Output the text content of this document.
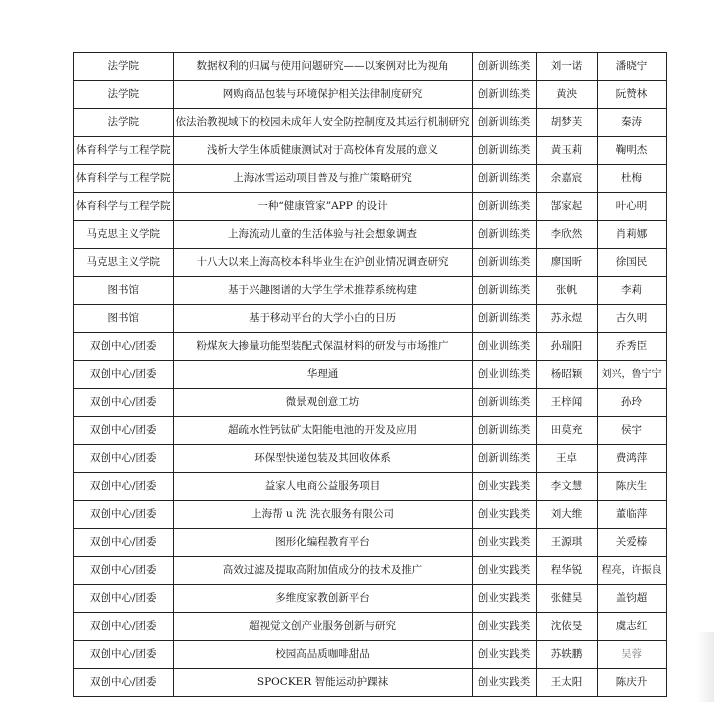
法学院	数据权利的归属与使用问题研究——以案例对比为视角	创新训练类	刘一诺	潘晓宁
法学院	网购商品包装与环境保护相关法律制度研究	创新训练类	黄泱	阮赞林
法学院	依法治教视域下的校园未成年人安全防控制度及其运行机制研究	创新训练类	胡梦芙	秦涛
体育科学与工程学院	浅析大学生体质健康测试对于高校体育发展的意义	创新训练类	黄玉莉	鞠明杰
体育科学与工程学院	上海冰雪运动项目普及与推广策略研究	创新训练类	余嘉宸	杜梅
体育科学与工程学院	一种“健康管家”APP 的设计	创新训练类	郜家起	叶心明
马克思主义学院	上海流动儿童的生活体验与社会想象调查	创新训练类	李欣然	肖莉娜
马克思主义学院	十八大以来上海高校本科毕业生在沪创业情况调查研究	创新训练类	廖国昕	徐国民
图书馆	基于兴趣图谱的大学生学术推荐系统构建	创新训练类	张帆	李莉
图书馆	基于移动平台的大学小白的日历	创新训练类	苏永煜	古久明
双创中心/团委	粉煤灰大掺量功能型装配式保温材料的研发与市场推广	创业训练类	孙瑞阳	乔秀臣
双创中心/团委	华理通	创业训练类	杨昭颖	刘兴，鲁宁宁
双创中心/团委	微景观创意工坊	创新训练类	王梓闻	孙玲
双创中心/团委	超疏水性钙钛矿太阳能电池的开发及应用	创新训练类	田莫充	侯宇
双创中心/团委	环保型快递包装及其回收体系	创新训练类	王卓	费鸿萍
双创中心/团委	益家人电商公益服务项目	创业实践类	李文慧	陈庆生
双创中心/团委	上海帮 u 洗 洗衣服务有限公司	创业实践类	刘大维	董临萍
双创中心/团委	图形化编程教育平台	创业实践类	王源琪	关爱榛
双创中心/团委	高效过滤及提取高附加值成分的技术及推广	创业实践类	程华锐	程亮，许振良
双创中心/团委	多维度家教创新平台	创业实践类	张健昊	盖钧超
双创中心/团委	超视觉文创产业服务创新与研究	创业实践类	沈依旻	虞志红
双创中心/团委	校园高品质咖啡甜品	创业实践类	苏轶鹏	吴蓉
双创中心/团委	SPOCKER 智能运动护踝袜	创业实践类	王太阳	陈庆升
